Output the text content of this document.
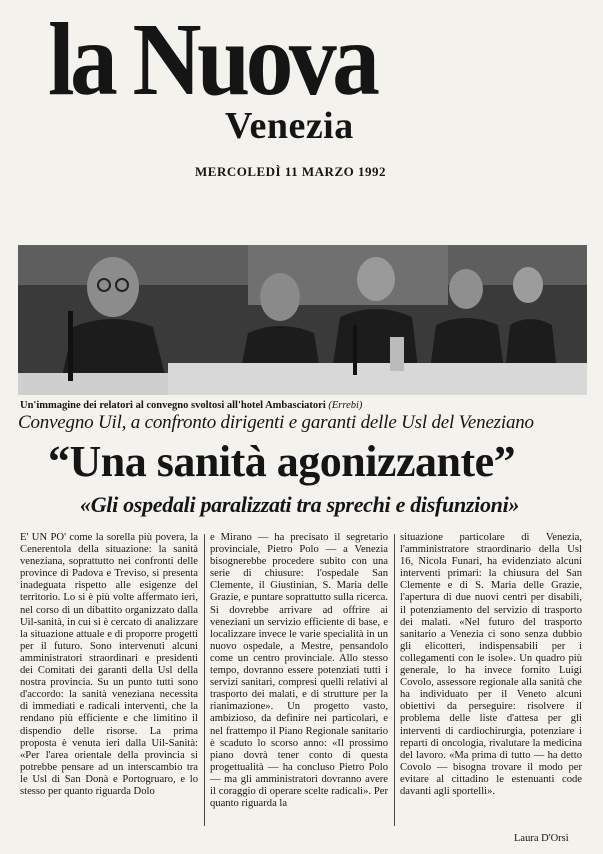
la Nuova
Venezia
MERCOLEDÌ 11 MARZO 1992
Un'immagine dei relatori al convegno svoltosi all'hotel Ambasciatori (Errebi)
Convegno Uil, a confronto dirigenti e garanti delle Usl del Veneziano
“Una sanità agonizzante”
«Gli ospedali paralizzati tra sprechi e disfunzioni»
E' UN PO' come la sorella più povera, la Cenerentola della situazione: la sanità veneziana, soprattutto nei confronti delle province di Padova e Treviso, si presenta inadeguata rispetto alle esigenze del territorio. Lo si è più volte affermato ieri, nel corso di un dibattito organizzato dalla Uil-sanità, in cui si è cercato di analizzare la situazione attuale e di proporre progetti per il futuro. Sono intervenuti alcuni amministratori straordinari e presidenti dei Comitati dei garanti della Usl della nostra provincia. Su un punto tutti sono d'accordo: la sanità veneziana necessita di immediati e radicali interventi, che la rendano più efficiente e che limitino il dispendio delle risorse. La prima proposta è venuta ieri dalla Uil-Sanità: «Per l'area orientale della provincia si potrebbe pensare ad un interscambio tra le Usl di San Donà e Portogruaro, e lo stesso per quanto riguarda Dolo
e Mirano — ha precisato il segretario provinciale, Pietro Polo — a Venezia bisognerebbe procedere subito con una serie di chiusure: l'ospedale San Clemente, il Giustinian, S. Maria delle Grazie, e puntare soprattutto sulla ricerca. Si dovrebbe arrivare ad offrire ai veneziani un servizio efficiente di base, e localizzare invece le varie specialità in un nuovo ospedale, a Mestre, pensandolo come un centro provinciale. Allo stesso tempo, dovranno essere potenziati tutti i servizi sanitari, compresi quelli relativi al trasporto dei malati, e di strutture per la rianimazione». Un progetto vasto, ambizioso, da definire nei particolari, e nel frattempo il Piano Regionale sanitario è scaduto lo scorso anno: «Il prossimo piano dovrà tener conto di questa progettualità — ha concluso Pietro Polo — ma gli amministratori dovranno avere il coraggio di operare scelte radicali». Per quanto riguarda la
situazione particolare di Venezia, l'amministratore straordinario della Usl 16, Nicola Funari, ha evidenziato alcuni interventi primari: la chiusura del San Clemente e di S. Maria delle Grazie, l'apertura di due nuovi centri per disabili, il potenziamento del servizio di trasporto dei malati. «Nel futuro del trasporto sanitario a Venezia ci sono senza dubbio gli elicotteri, indispensabili per i collegamenti con le isole». Un quadro più generale, lo ha invece fornito Luigi Covolo, assessore regionale alla sanità che ha individuato per il Veneto alcuni obiettivi da perseguire: risolvere il problema delle liste d'attesa per gli interventi di cardiochirurgia, potenziare i reparti di oncologia, rivalutare la medicina del lavoro. «Ma prima di tutto — ha detto Covolo — bisogna trovare il modo per evitare al cittadino le estenuanti code davanti agli sportelli».
Laura D'Orsi
